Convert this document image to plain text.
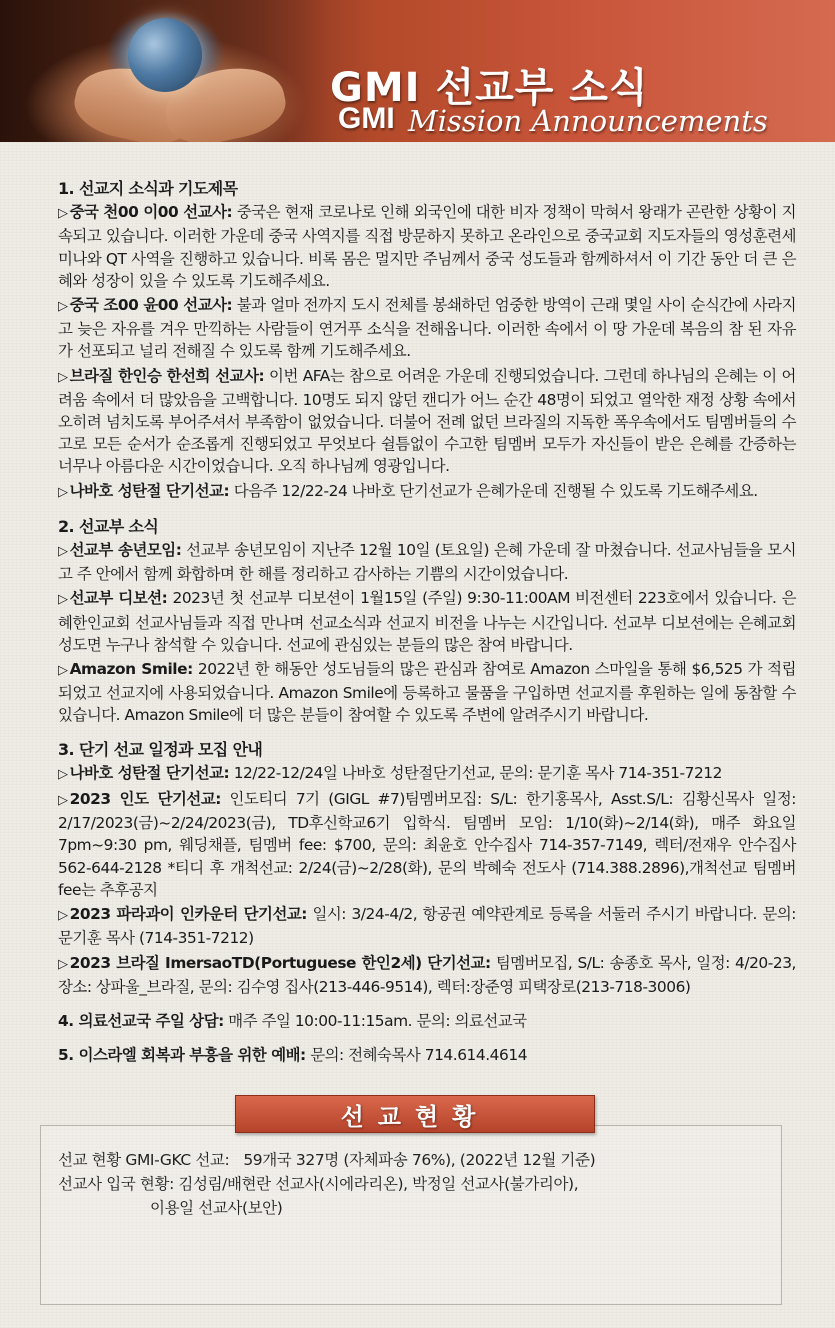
GMI 선교부 소식
GMI Mission Announcements
1. 선교지 소식과 기도제목
▷ 중국 천00 이00 선교사: 중국은 현재 코로나로 인해 외국인에 대한 비자 정책이 막혀서 왕래가 곤란한 상황이 지속되고 있습니다. 이러한 가운데 중국 사역지를 직접 방문하지 못하고 온라인으로 중국교회 지도자들의 영성훈련세미나와 QT 사역을 진행하고 있습니다. 비록 몸은 멀지만 주님께서 중국 성도들과 함께하셔서 이 기간 동안 더 큰 은혜와 성장이 있을 수 있도록 기도해주세요.
▷ 중국 조00 윤00 선교사: 불과 얼마 전까지 도시 전체를 봉쇄하던 엄중한 방역이 근래 몇일 사이 순식간에 사라지고 늦은 자유를 겨우 만끽하는 사람들이 연거푸 소식을 전해옵니다. 이러한 속에서 이 땅 가운데 복음의 참 된 자유가 선포되고 널리 전해질 수 있도록 함께 기도해주세요.
▷ 브라질 한인승 한선희 선교사: 이번 AFA는 참으로 어려운 가운데 진행되었습니다. 그런데 하나님의 은혜는 이 어려움 속에서 더 많았음을 고백합니다. 10명도 되지 않던 캔디가 어느 순간 48명이 되었고 열악한 재정 상황 속에서 오히려 넘치도록 부어주셔서 부족함이 없었습니다. 더불어 전례 없던 브라질의 지독한 폭우속에서도 팀멤버들의 수고로 모든 순서가 순조롭게 진행되었고 무엇보다 쉴틈없이 수고한 팀멤버 모두가 자신들이 받은 은혜를 간증하는 너무나 아름다운 시간이었습니다. 오직 하나님께 영광입니다.
▷ 나바호 성탄절 단기선교: 다음주 12/22-24 나바호 단기선교가 은혜가운데 진행될 수 있도록 기도해주세요.
2. 선교부 소식
▷ 선교부 송년모임: 선교부 송년모임이 지난주 12월 10일 (토요일) 은혜 가운데 잘 마쳤습니다. 선교사님들을 모시고 주 안에서 함께 화합하며 한 해를 정리하고 감사하는 기쁨의 시간이었습니다.
▷ 선교부 디보션: 2023년 첫 선교부 디보션이 1월15일 (주일) 9:30-11:00AM 비전센터 223호에서 있습니다. 은혜한인교회 선교사님들과 직접 만나며 선교소식과 선교지 비전을 나누는 시간입니다. 선교부 디보션에는 은혜교회 성도면 누구나 참석할 수 있습니다. 선교에 관심있는 분들의 많은 참여 바랍니다.
▷ Amazon Smile: 2022년 한 해동안 성도님들의 많은 관심과 참여로 Amazon 스마일을 통해 $6,525 가 적립되었고 선교지에 사용되었습니다. Amazon Smile에 등록하고 물품을 구입하면 선교지를 후원하는 일에 동참할 수 있습니다. Amazon Smile에 더 많은 분들이 참여할 수 있도록 주변에 알려주시기 바랍니다.
3. 단기 선교 일정과 모집 안내
▷ 나바호 성탄절 단기선교: 12/22-12/24일 나바호 성탄절단기선교, 문의: 문기훈 목사 714-351-7212
▷ 2023 인도 단기선교: 인도티디 7기 (GIGL #7)팀멤버모집: S/L: 한기홍목사, Asst.S/L: 김황신목사 일정: 2/17/2023(금)~2/24/2023(금), TD후신학교6기 입학식. 팀멤버 모임: 1/10(화)~2/14(화), 매주 화요일 7pm~9:30 pm, 웨딩채플, 팀멤버 fee: $700, 문의: 최윤호 안수집사 714-357-7149, 렉터/전재우 안수집사 562-644-2128 *티디 후 개척선교: 2/24(금)~2/28(화), 문의 박혜숙 전도사 (714.388.2896),개척선교 팀멤버fee는 추후공지
▷ 2023 파라과이 인카운터 단기선교: 일시: 3/24-4/2, 항공권 예약관계로 등록을 서둘러 주시기 바랍니다. 문의: 문기훈 목사 (714-351-7212)
▷ 2023 브라질 ImersaoTD(Portuguese 한인2세) 단기선교: 팀멤버모집, S/L: 송종호 목사, 일정: 4/20-23, 장소: 상파울_브라질, 문의: 김수영 집사(213-446-9514), 렉터:장준영 피택장로(213-718-3006)
4. 의료선교국 주일 상담: 매주 주일 10:00-11:15am. 문의: 의료선교국
5. 이스라엘 회복과 부흥을 위한 예배: 문의: 전혜숙목사 714.614.4614
선교현황
선교 현황 GMI-GKC 선교: 59개국 327명 (자체파송 76%), (2022년 12월 기준)
선교사 입국 현황: 김성림/배현란 선교사(시에라리온), 박정일 선교사(불가리아),
이용일 선교사(보안)
